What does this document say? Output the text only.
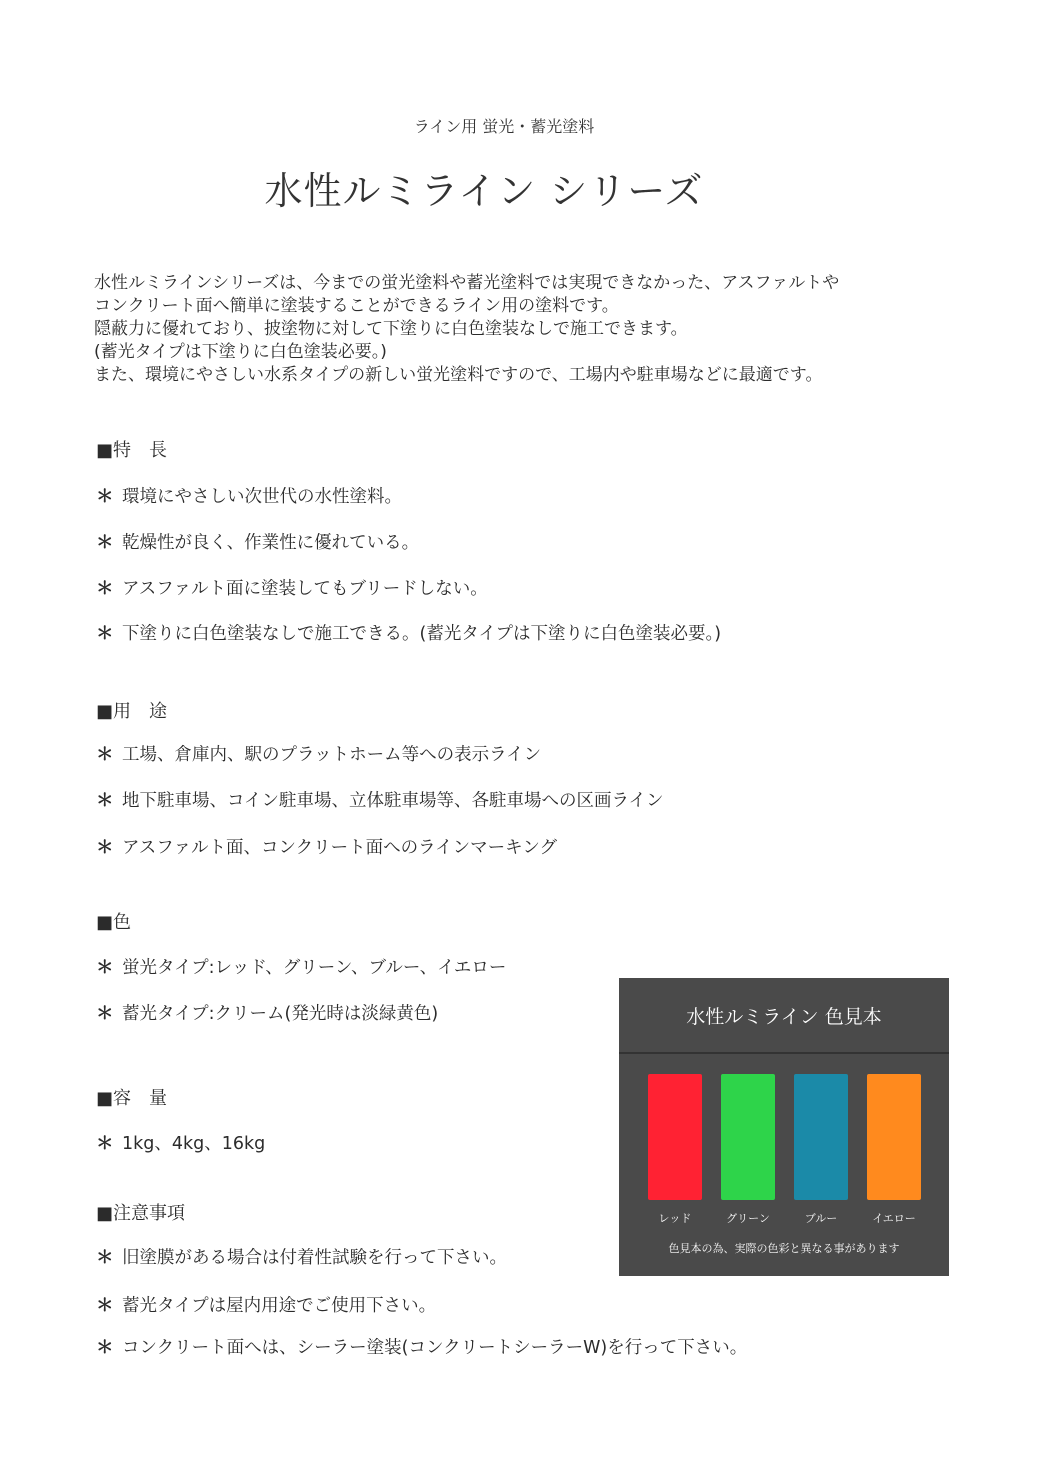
ライン用 蛍光・蓄光塗料
水性ルミライン シリーズ
水性ルミラインシリーズは、今までの蛍光塗料や蓄光塗料では実現できなかった、アスファルトや
コンクリート面へ簡単に塗装することができるライン用の塗料です。
隠蔽力に優れており、披塗物に対して下塗りに白色塗装なしで施工できます。
(蓄光タイプは下塗りに白色塗装必要。)
また、環境にやさしい水系タイプの新しい蛍光塗料ですので、工場内や駐車場などに最適です。
■特　長
＊ 環境にやさしい次世代の水性塗料。
＊ 乾燥性が良く、作業性に優れている。
＊ アスファルト面に塗装してもブリードしない。
＊ 下塗りに白色塗装なしで施工できる。(蓄光タイプは下塗りに白色塗装必要。)
■用　途
＊ 工場、倉庫内、駅のプラットホーム等への表示ライン
＊ 地下駐車場、コイン駐車場、立体駐車場等、各駐車場への区画ライン
＊ アスファルト面、コンクリート面へのラインマーキング
■色
＊ 蛍光タイプ:レッド、グリーン、ブルー、イエロー
＊ 蓄光タイプ:クリーム(発光時は淡緑黄色)
■容　量
＊ 1kg、4kg、16kg
■注意事項
＊ 旧塗膜がある場合は付着性試験を行って下さい。
＊ 蓄光タイプは屋内用途でご使用下さい。
＊ コンクリート面へは、シーラー塗装(コンクリートシーラーW)を行って下さい。
水性ルミライン 色見本
レッド	グリーン	ブルー	イエロー
色見本の為、実際の色彩と異なる事があります
